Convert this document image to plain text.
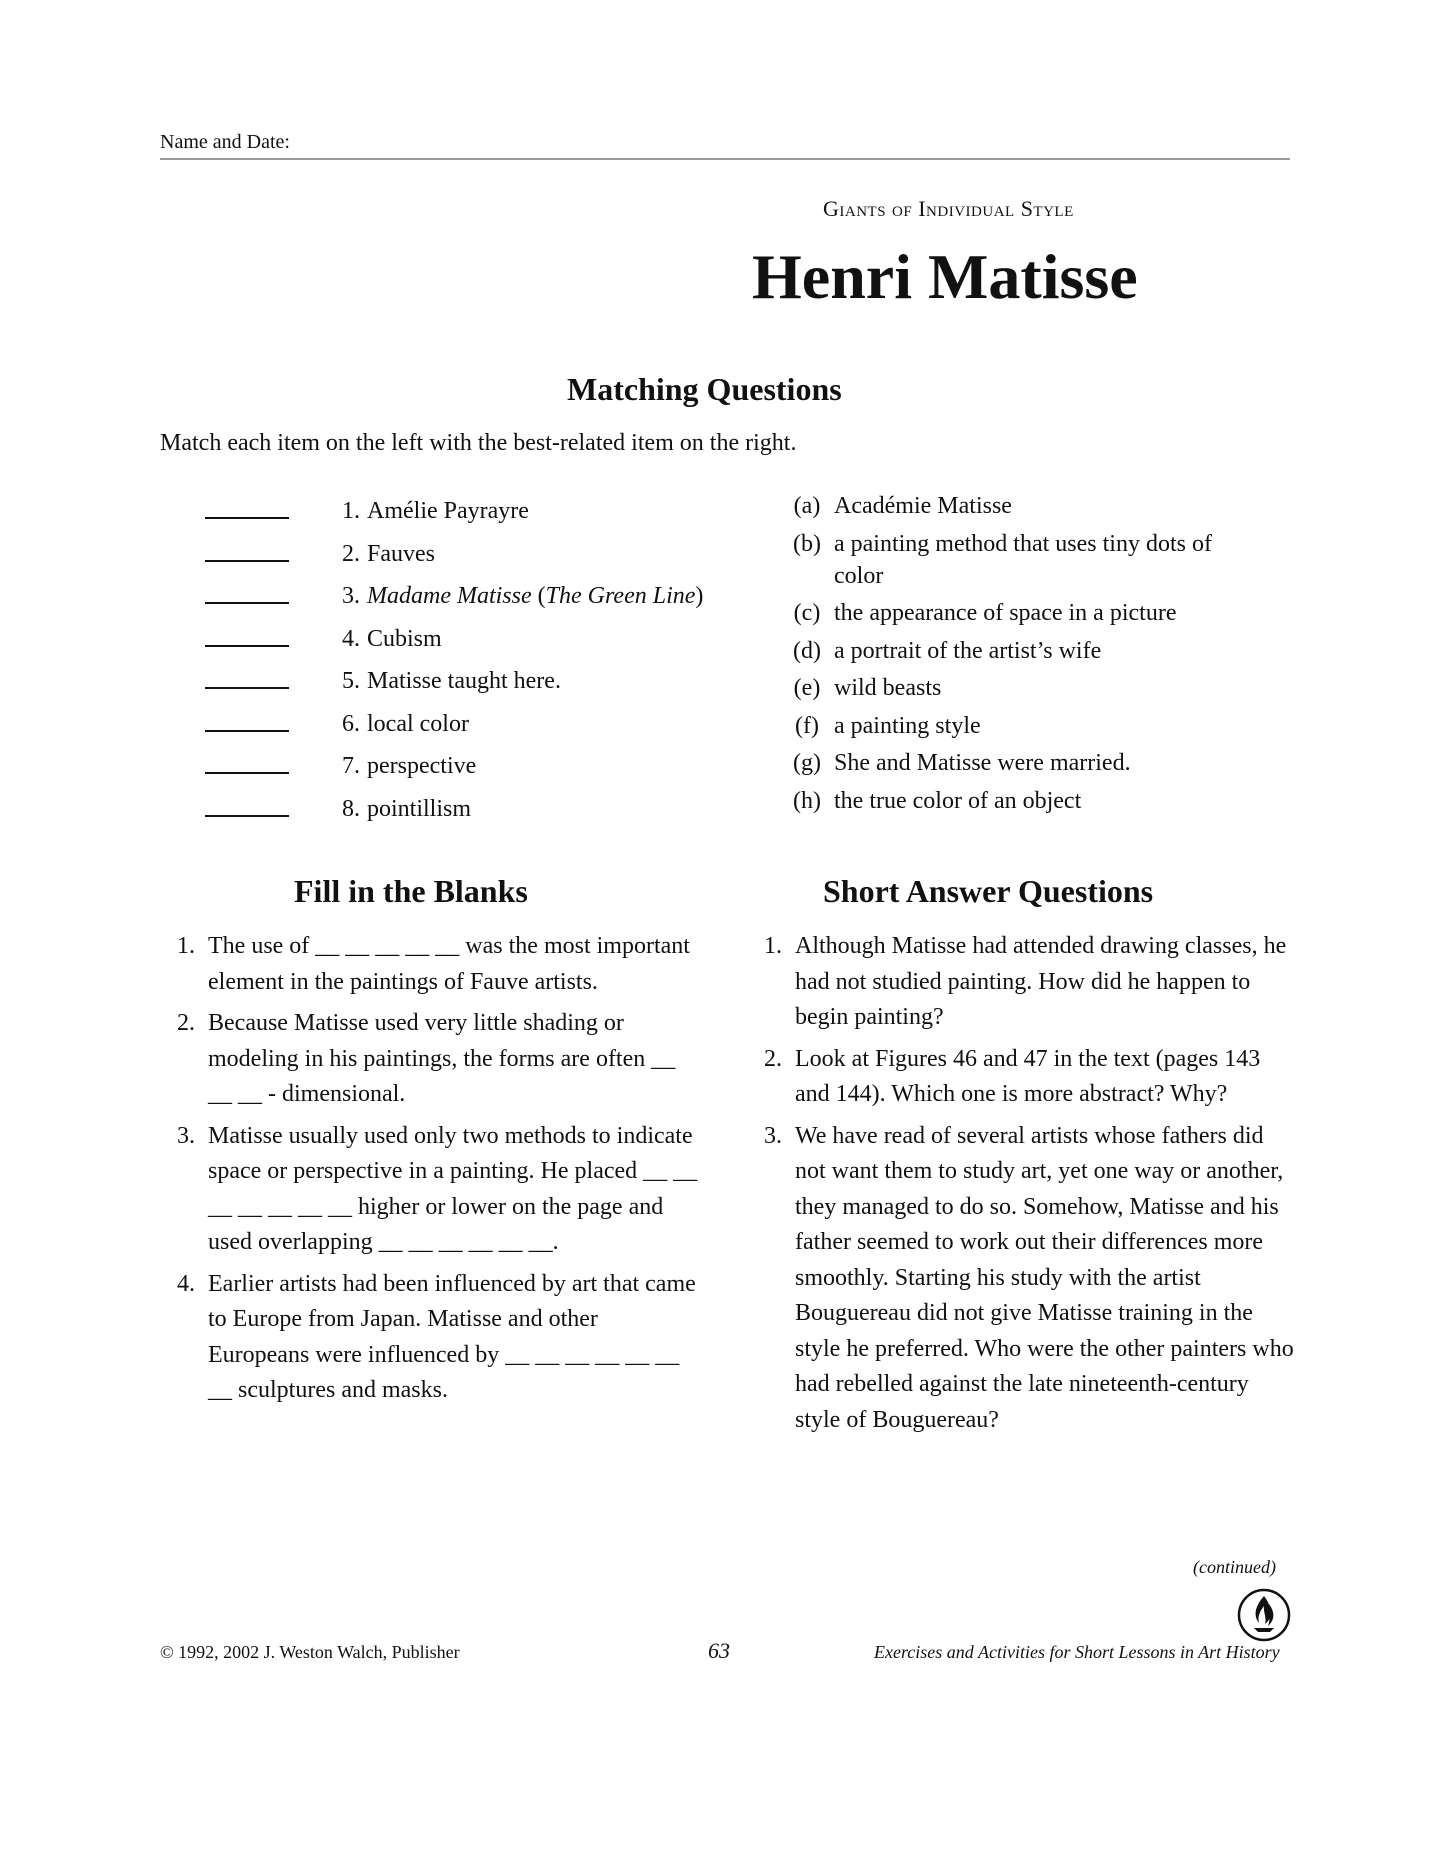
Name and Date:
Giants of Individual Style
Henri Matisse
Matching Questions
Match each item on the left with the best-related item on the right.
1. Amélie Payrayre
2. Fauves
3. Madame Matisse (The Green Line)
4. Cubism
5. Matisse taught here.
6. local color
7. perspective
8. pointillism
(a) Académie Matisse
(b) a painting method that uses tiny dots of color
(c) the appearance of space in a picture
(d) a portrait of the artist’s wife
(e) wild beasts
(f) a painting style
(g) She and Matisse were married.
(h) the true color of an object
Fill in the Blanks	Short Answer Questions
1. The use of __ __ __ __ __ was the most important element in the paintings of Fauve artists.
2. Because Matisse used very little shading or modeling in his paintings, the forms are often __ __ __ - dimensional.
3. Matisse usually used only two methods to indicate space or perspective in a painting. He placed __ __ __ __ __ __ __ higher or lower on the page and used overlapping __ __ __ __ __ __.
4. Earlier artists had been influenced by art that came to Europe from Japan. Matisse and other Europeans were influenced by __ __ __ __ __ __ __ sculptures and masks.
1. Although Matisse had attended drawing classes, he had not studied painting. How did he happen to begin painting?
2. Look at Figures 46 and 47 in the text (pages 143 and 144). Which one is more abstract? Why?
3. We have read of several artists whose fathers did not want them to study art, yet one way or another, they managed to do so. Somehow, Matisse and his father seemed to work out their differences more smoothly. Starting his study with the artist Bouguereau did not give Matisse training in the style he preferred. Who were the other painters who had rebelled against the late nineteenth-century style of Bouguereau?
(continued)
© 1992, 2002 J. Weston Walch, Publisher	63	Exercises and Activities for Short Lessons in Art History
